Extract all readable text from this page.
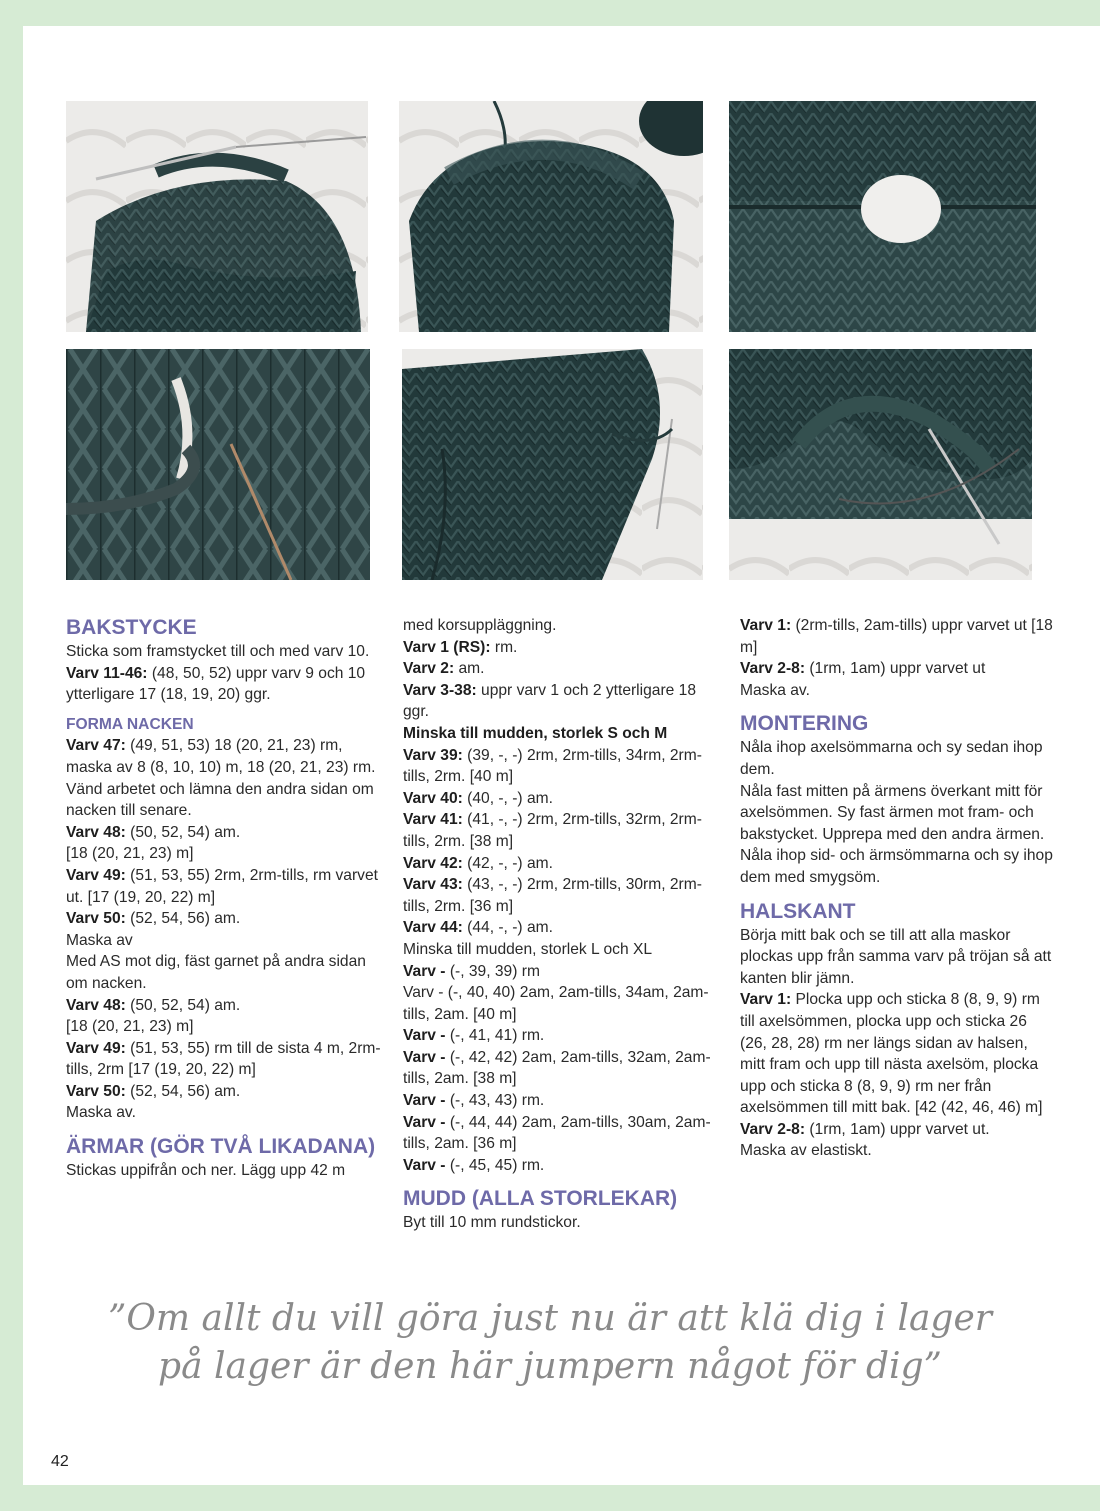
BAKSTYCKE

Sticka som framstycket till och med varv 10.

Varv 11-46: (48, 50, 52) uppr varv 9 och 10 ytterligare 17 (18, 19, 20) ggr.

FORMA NACKEN

Varv 47: (49, 51, 53) 18 (20, 21, 23) rm, maska av 8 (8, 10, 10) m, 18 (20, 21, 23) rm.

Vänd arbetet och lämna den andra sidan om nacken till senare.

Varv 48: (50, 52, 54) am.

[18 (20, 21, 23) m]

Varv 49: (51, 53, 55) 2rm, 2rm-tills, rm varvet ut. [17 (19, 20, 22) m]

Varv 50: (52, 54, 56) am.

Maska av

Med AS mot dig, fäst garnet på andra sidan om nacken.

Varv 48: (50, 52, 54) am.

[18 (20, 21, 23) m]

Varv 49: (51, 53, 55) rm till de sista 4 m, 2rm-tills, 2rm [17 (19, 20, 22) m]

Varv 50: (52, 54, 56) am.

Maska av.

ÄRMAR (GÖR TVÅ LIKADANA)

Stickas uppifrån och ner. Lägg upp 42 m

med korsuppläggning.

Varv 1 (RS): rm.

Varv 2: am.

Varv 3-38: uppr varv 1 och 2 ytterligare 18 ggr.

Minska till mudden, storlek S och M

Varv 39: (39, -, -) 2rm, 2rm-tills, 34rm, 2rm-tills, 2rm. [40 m]

Varv 40: (40, -, -) am.

Varv 41: (41, -, -) 2rm, 2rm-tills, 32rm, 2rm-tills, 2rm. [38 m]

Varv 42: (42, -, -) am.

Varv 43: (43, -, -) 2rm, 2rm-tills, 30rm, 2rm-tills, 2rm. [36 m]

Varv 44: (44, -, -) am.

Minska till mudden, storlek L och XL

Varv - (-, 39, 39) rm

Varv - (-, 40, 40) 2am, 2am-tills, 34am, 2am-tills, 2am. [40 m]

Varv - (-, 41, 41) rm.

Varv - (-, 42, 42) 2am, 2am-tills, 32am, 2am-tills, 2am. [38 m]

Varv - (-, 43, 43) rm.

Varv - (-, 44, 44) 2am, 2am-tills, 30am, 2am-tills, 2am. [36 m]

Varv - (-, 45, 45) rm.

MUDD (ALLA STORLEKAR)

Byt till 10 mm rundstickor.

Varv 1: (2rm-tills, 2am-tills) uppr varvet ut [18 m]

Varv 2-8: (1rm, 1am) uppr varvet ut

Maska av.

MONTERING

Nåla ihop axelsömmarna och sy sedan ihop dem.

Nåla fast mitten på ärmens överkant mitt för axelsömmen. Sy fast ärmen mot fram- och bakstycket. Upprepa med den andra ärmen.

Nåla ihop sid- och ärmsömmarna och sy ihop dem med smygsöm.

HALSKANT

Börja mitt bak och se till att alla maskor plockas upp från samma varv på tröjan så att kanten blir jämn.

Varv 1: Plocka upp och sticka 8 (8, 9, 9) rm till axelsömmen, plocka upp och sticka 26 (26, 28, 28) rm ner längs sidan av halsen, mitt fram och upp till nästa axelsöm, plocka upp och sticka 8 (8, 9, 9) rm ner från axelsömmen till mitt bak. [42 (42, 46, 46) m]

Varv 2-8: (1rm, 1am) uppr varvet ut.

Maska av elastiskt.

”Om allt du vill göra just nu är att klä dig i lager
på lager är den här jumpern något för dig”
42
